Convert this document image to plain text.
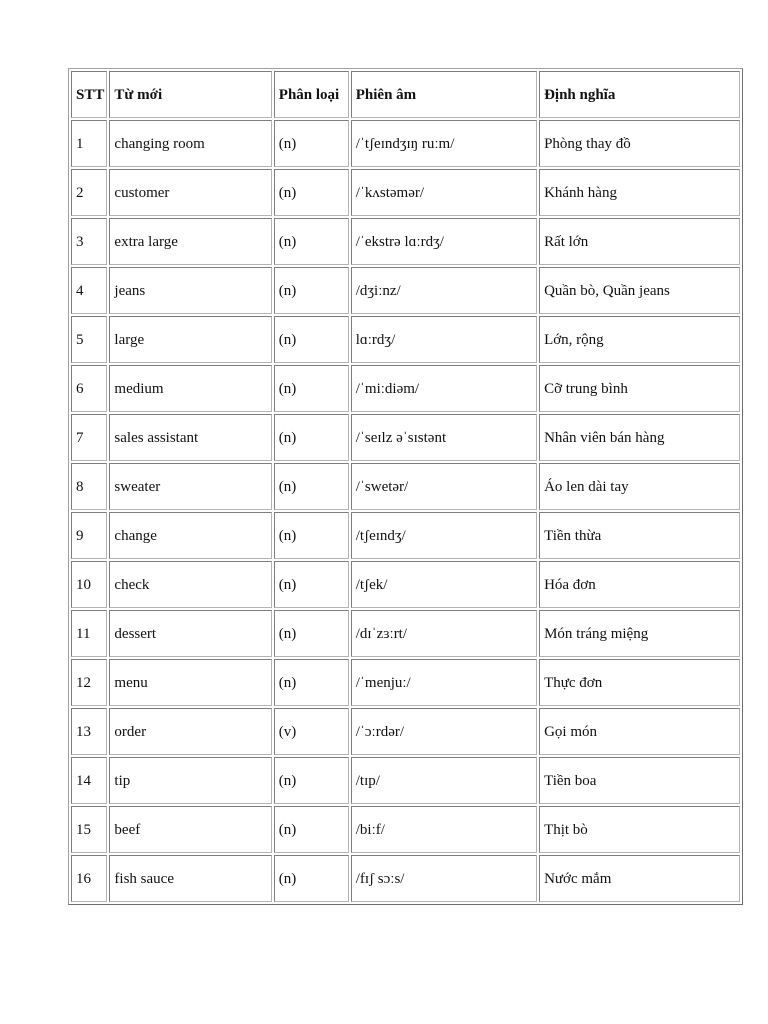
STT	Từ mới	Phân loại	Phiên âm	Định nghĩa
1	changing room	(n)	/ˈtʃeɪndʒɪŋ ruːm/	Phòng thay đồ
2	customer	(n)	/ˈkʌstəmər/	Khánh hàng
3	extra large	(n)	/ˈekstrə lɑːrdʒ/	Rất lớn
4	jeans	(n)	/dʒiːnz/	Quần bò, Quần jeans
5	large	(n)	lɑːrdʒ/	Lớn, rộng
6	medium	(n)	/ˈmiːdiəm/	Cỡ trung bình
7	sales assistant	(n)	/ˈseɪlz əˈsɪstənt	Nhân viên bán hàng
8	sweater	(n)	/ˈswetər/	Áo len dài tay
9	change	(n)	/tʃeɪndʒ/	Tiền thừa
10	check	(n)	/tʃek/	Hóa đơn
11	dessert	(n)	/dɪˈzɜːrt/	Món tráng miệng
12	menu	(n)	/ˈmenjuː/	Thực đơn
13	order	(v)	/ˈɔːrdər/	Gọi món
14	tip	(n)	/tɪp/	Tiền boa
15	beef	(n)	/biːf/	Thịt bò
16	fish sauce	(n)	/fɪʃ sɔːs/	Nước mắm
